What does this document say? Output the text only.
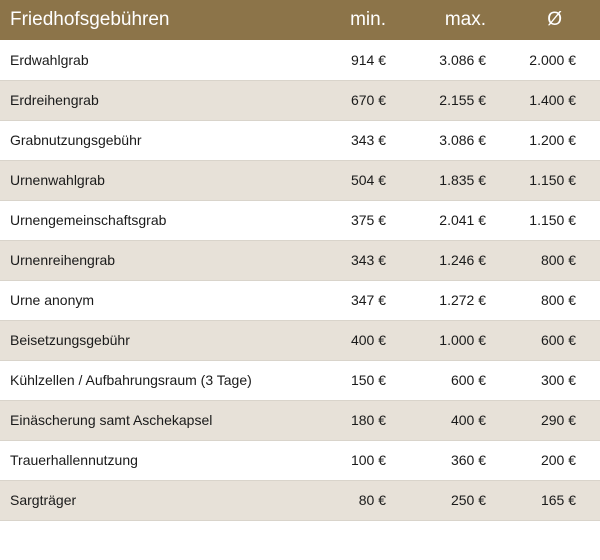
Friedhofsgebühren	min.	max.	Ø
Erdwahlgrab	914 €	3.086 €	2.000 €
Erdreihengrab	670 €	2.155 €	1.400 €
Grabnutzungsgebühr	343 €	3.086 €	1.200 €
Urnenwahlgrab	504 €	1.835 €	1.150 €
Urnengemeinschaftsgrab	375 €	2.041 €	1.150 €
Urnenreihengrab	343 €	1.246 €	800 €
Urne anonym	347 €	1.272 €	800 €
Beisetzungsgebühr	400 €	1.000 €	600 €
Kühlzellen / Aufbahrungsraum (3 Tage)	150 €	600 €	300 €
Einäscherung samt Aschekapsel	180 €	400 €	290 €
Trauerhallennutzung	100 €	360 €	200 €
Sargträger	80 €	250 €	165 €
